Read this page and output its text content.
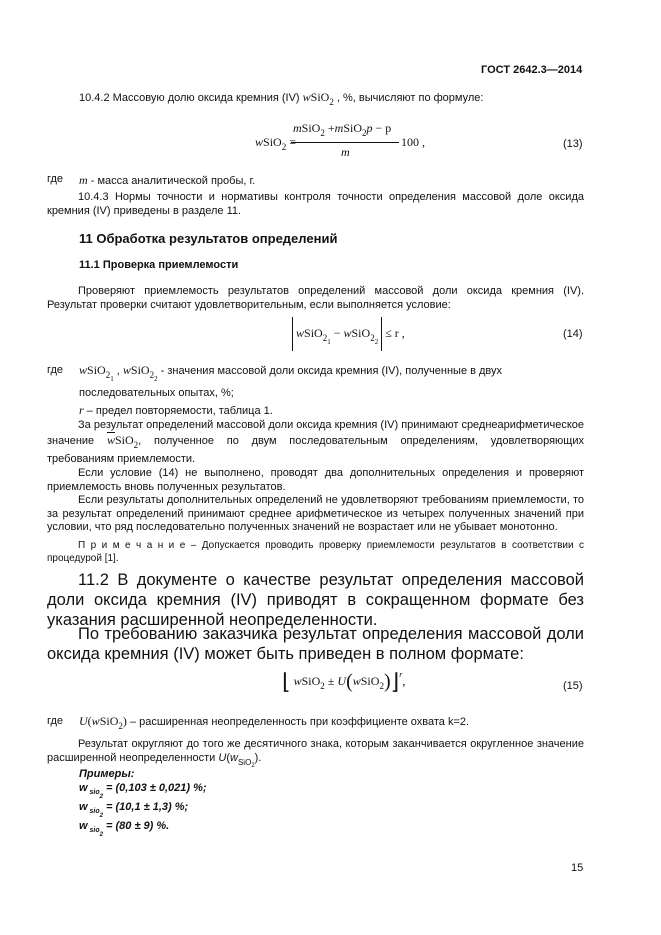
ГОСТ 2642.3—2014
10.4.2 Массовую долю оксида кремния (IV) wSiO$_2$ , %, вычисляют по формуле:
wSiO$_2$
mSiO$_2$ +mSiO$_2$p − p
m
100 ,	(13)
где m - масса аналитической пробы, г.
10.4.3 Нормы точности и нормативы контроля точности определения массовой доле оксида кремния (IV) приведены в разделе 11.
11 Обработка результатов определений
11.1 Проверка приемлемости
Проверяют приемлемость результатов определений массовой доли оксида кремния (IV). Результат проверки считают удовлетворительным, если выполняется условие:
wSiO$_{21}$ − wSiO$_{22}$  ≤ r ,	(14)
где wSiO$_{21}$ , wSiO$_{22}$ - значения массовой доли оксида кремния (IV), полученные в двух последовательных опытах, %;
r – предел повторяемости, таблица 1.
За результат определений массовой доли оксида кремния (IV) принимают среднеарифметическое значение $\overline{w}SiO_2$, полученное по двум последовательным определениям, удовлетворяющих требованиям приемлемости.
Если условие (14) не выполнено, проводят два дополнительных определения и проверяют приемлемость вновь полученных результатов.
Если результаты дополнительных определений не удовлетворяют требованиям приемлемости, то за результат определений принимают среднее арифметическое из четырех полученных значений при условии, что ряд последовательно полученных значений не возрастает или не убывает монотонно.
П р и м е ч а н и е – Допускается проводить проверку приемлемости результатов в соответствии с процедурой [1].
11.2 В документе о качестве результат определения массовой доли оксида кремния (IV) приводят в сокращенном формате без указания расширенной неопределенности.
По требованию заказчика результат определения массовой доли оксида кремния (IV) может быть приведен в полном формате:
⌊ wSiO$_2$ ± U(wSiO$_2$)⌋$^r$,	(15)
где U(wSiO$_2$) – расширенная неопределенность при коэффициенте охвата k=2.
Результат округляют до того же десятичного знака, которым заканчивается округленное значение расширенной неопределенности $U(w_{SiO2})$.
Примеры:
w $_{sio2}$ = (0,103 ± 0,021) %;
w $_{sio2}$ = (10,1 ± 1,3) %;
w $_{sio2}$ = (80 ± 9) %.
15
